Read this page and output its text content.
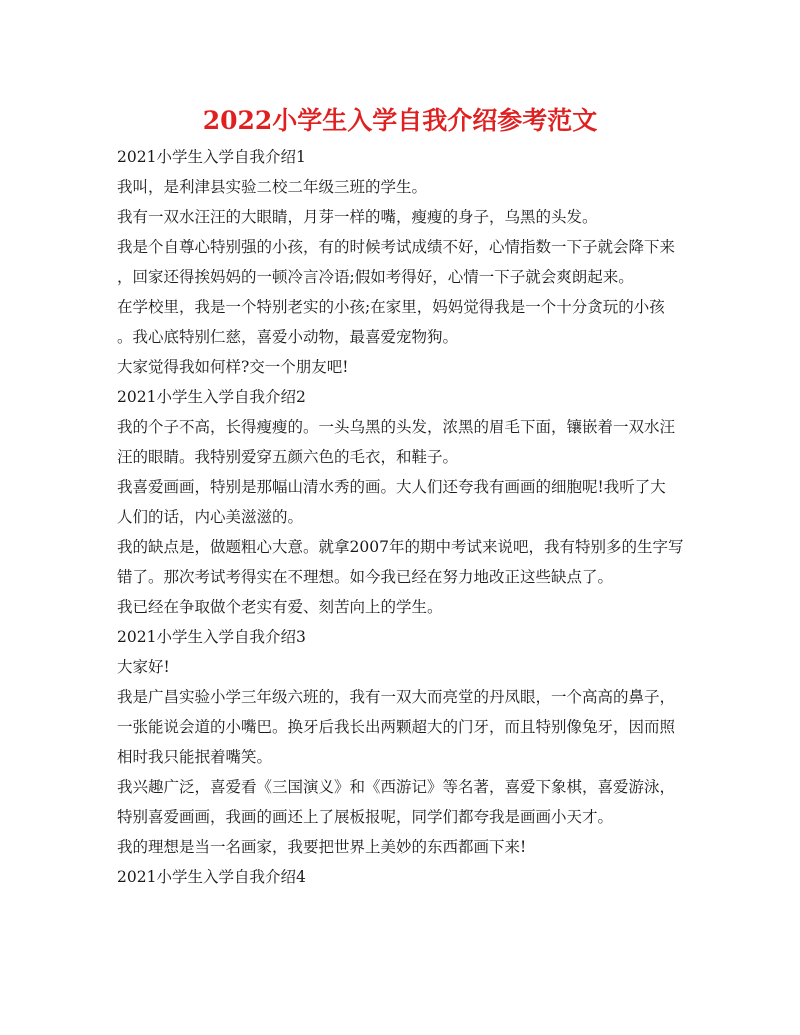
2022小学生入学自我介绍参考范文
2021小学生入学自我介绍1
我叫，是利津县实验二校二年级三班的学生。
我有一双水汪汪的大眼睛，月芽一样的嘴，瘦瘦的身子，乌黑的头发。
我是个自尊心特别强的小孩，有的时候考试成绩不好，心情指数一下子就会降下来
，回家还得挨妈妈的一顿冷言冷语;假如考得好，心情一下子就会爽朗起来。
在学校里，我是一个特别老实的小孩;在家里，妈妈觉得我是一个十分贪玩的小孩
。我心底特别仁慈，喜爱小动物，最喜爱宠物狗。
大家觉得我如何样?交一个朋友吧!
2021小学生入学自我介绍2
我的个子不高，长得瘦瘦的。一头乌黑的头发，浓黑的眉毛下面，镶嵌着一双水汪
汪的眼睛。我特别爱穿五颜六色的毛衣，和鞋子。
我喜爱画画，特别是那幅山清水秀的画。大人们还夸我有画画的细胞呢!我听了大
人们的话，内心美滋滋的。
我的缺点是，做题粗心大意。就拿2007年的期中考试来说吧，我有特别多的生字写
错了。那次考试考得实在不理想。如今我已经在努力地改正这些缺点了。
我已经在争取做个老实有爱、刻苦向上的学生。
2021小学生入学自我介绍3
大家好!
我是广昌实验小学三年级六班的，我有一双大而亮堂的丹凤眼，一个高高的鼻子，
一张能说会道的小嘴巴。换牙后我长出两颗超大的门牙，而且特别像兔牙，因而照
相时我只能抿着嘴笑。
我兴趣广泛，喜爱看《三国演义》和《西游记》等名著，喜爱下象棋，喜爱游泳，
特别喜爱画画，我画的画还上了展板报呢，同学们都夸我是画画小天才。
我的理想是当一名画家，我要把世界上美妙的东西都画下来!
2021小学生入学自我介绍4
